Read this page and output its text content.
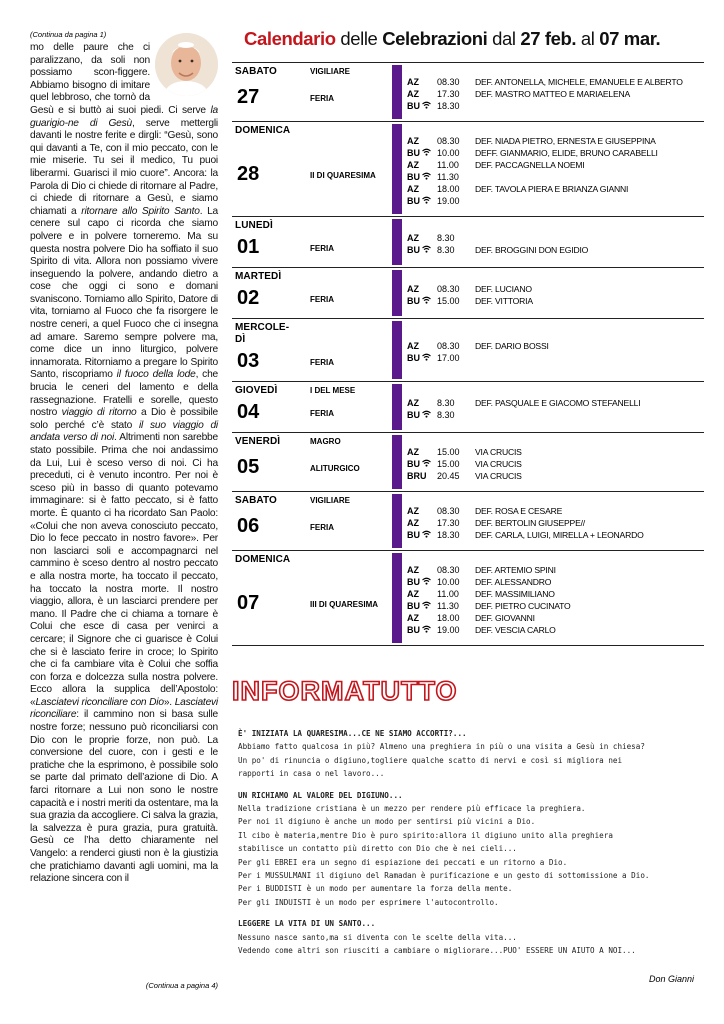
(Continua da pagina 1)
mo delle paure che ci paralizzano, da soli non possiamo scon-figgere. Abbiamo bisogno di imitare quel lebbroso, che tornò da Gesù e si buttò ai suoi piedi. Ci serve la guarigio-ne di Gesù, serve mettergli davanti le nostre ferite e dirgli: “Gesù, sono qui davanti a Te, con il mio peccato, con le mie miserie. Tu sei il medico, Tu puoi liberarmi. Guarisci il mio cuore”. Ancora: la Parola di Dio ci chiede di ritornare al Padre, ci chiede di ritornare a Gesù, e siamo chiamati a ritornare allo Spirito Santo. La cenere sul capo ci ricorda che siamo polvere e in polvere torneremo. Ma su questa nostra polvere Dio ha soffiato il suo Spirito di vita. Allora non possiamo vivere inseguendo la polvere, andando dietro a cose che oggi ci sono e domani svaniscono. Torniamo allo Spirito, Datore di vita, torniamo al Fuoco che fa risorgere le nostre ceneri, a quel Fuoco che ci insegna ad amare. Saremo sempre polvere ma, come dice un inno liturgico, polvere innamorata. Ritorniamo a pregare lo Spirito Santo, riscopriamo il fuoco della lode, che brucia le ceneri del lamento e della rassegnazione. Fratelli e sorelle, questo nostro viaggio di ritorno a Dio è possibile solo perché c’è stato il suo viaggio di andata verso di noi. Altrimenti non sarebbe stato possibile. Prima che noi andassimo da Lui, Lui è sceso verso di noi. Ci ha preceduti, ci è venuto incontro. Per noi è sceso più in basso di quanto potevamo immaginare: si è fatto peccato, si è fatto morte. È quanto ci ha ricordato San Paolo: «Colui che non aveva conosciuto peccato, Dio lo fece peccato in nostro favore». Per non lasciarci soli e accompagnarci nel cammino è sceso dentro al nostro peccato e alla nostra morte, ha toccato il peccato, ha toccato la nostra morte. Il nostro viaggio, allora, è un lasciarci prendere per mano. Il Padre che ci chiama a tornare è Colui che esce di casa per venirci a cercare; il Signore che ci guarisce è Colui che si è lasciato ferire in croce; lo Spirito che ci fa cambiare vita è Colui che soffia con forza e dolcezza sulla nostra polvere. Ecco allora la supplica dell’Apostolo: «Lasciatevi riconciliare con Dio». Lasciatevi riconciliare: il cammino non si basa sulle nostre forze; nessuno può riconciliarsi con Dio con le proprie forze, non può. La conversione del cuore, con i gesti e le pratiche che la esprimono, è possibile solo se parte dal primato dell’azione di Dio. A farci ritornare a Lui non sono le nostre capacità e i nostri meriti da ostentare, ma la sua grazia da accogliere. Ci salva la grazia, la salvezza è pura grazia, pura gratuità. Gesù ce l’ha detto chiaramente nel Vangelo: a renderci giusti non è la giustizia che pratichiamo davanti agli uomini, ma la relazione sincera con il
(Continua a pagina 4)
Calendario delle Celebrazioni dal 27 feb. al 07 mar.
SABATO	VIGILIARE
27	FERIA
AZ 08.30	DEF. ANTONELLA, MICHELE, EMANUELE E ALBERTO
AZ 17.30	DEF. MASTRO MATTEO E MARIAELENA
BU 18.30
DOMENICA
28	II DI QUARESIMA
AZ 08.30	DEF. NIADA PIETRO, ERNESTA E GIUSEPPINA
BU 10.00	DEFF. GIANMARIO, ELIDE, BRUNO CARABELLI
AZ 11.00	DEF. PACCAGNELLA NOEMI
BU 11.30
AZ 18.00	DEF. TAVOLA PIERA E BRIANZA GIANNI
BU 19.00
LUNEDÌ
01	FERIA
AZ 8.30
BU 8.30	DEF. BROGGINI DON EGIDIO
MARTEDÌ
02	FERIA
AZ 08.30	DEF. LUCIANO
BU 15.00	DEF. VITTORIA
MERCOLE-
DÌ
03	FERIA
AZ 08.30	DEF. DARIO BOSSI
BU 17.00
GIOVEDÌ	I DEL MESE
04	FERIA
AZ 8.30	DEF. PASQUALE E GIACOMO STEFANELLI
BU 8.30
VENERDÌ	MAGRO
05	ALITURGICO
AZ 15.00	VIA CRUCIS
BU 15.00	VIA CRUCIS
BRU 20.45	VIA CRUCIS
SABATO	VIGILIARE
06	FERIA
AZ 08.30	DEF. ROSA E CESARE
AZ 17.30	DEF. BERTOLIN GIUSEPPE//
BU 18.30	DEF. CARLA, LUIGI, MIRELLA + LEONARDO
DOMENICA
07	III DI QUARESIMA
AZ 08.30	DEF. ARTEMIO SPINI
BU 10.00	DEF. ALESSANDRO
AZ 11.00	DEF. MASSIMILIANO
BU 11.30	DEF. PIETRO CUCINATO
AZ 18.00	DEF. GIOVANNI
BU 19.00	DEF. VESCIA CARLO
INFORMATUTTO
È' INIZIATA LA QUARESIMA...CE NE SIAMO ACCORTI?...
Abbiamo fatto qualcosa in più? Almeno una preghiera in più o una visita a Gesù in chiesa?
Un po' di rinuncia o digiuno,togliere qualche scatto di nervi e così si migliora nei
rapporti in casa o nel lavoro...
UN RICHIAMO AL VALORE DEL DIGIUNO...
Nella tradizione cristiana è un mezzo per rendere più efficace la preghiera.
Per noi il digiuno è anche un modo per sentirsi più vicini a Dio.
Il cibo è materia,mentre Dio è puro spirito:allora il digiuno unito alla preghiera
stabilisce un contatto più diretto con Dio che è nei cieli...
Per gli EBREI era un segno di espiazione dei peccati e un ritorno a Dio.
Per i MUSSULMANI il digiuno del Ramadan è purificazione e un gesto di sottomissione a Dio.
Per i BUDDISTI è un modo per aumentare la forza della mente.
Per gli INDUISTI è un modo per esprimere l'autocontrollo.
LEGGERE LA VITA DI UN SANTO...
Nessuno nasce santo,ma si diventa con le scelte della vita...
Vedendo come altri son riusciti a cambiare o migliorare...PUO' ESSERE UN AIUTO A NOI...
Don Gianni
